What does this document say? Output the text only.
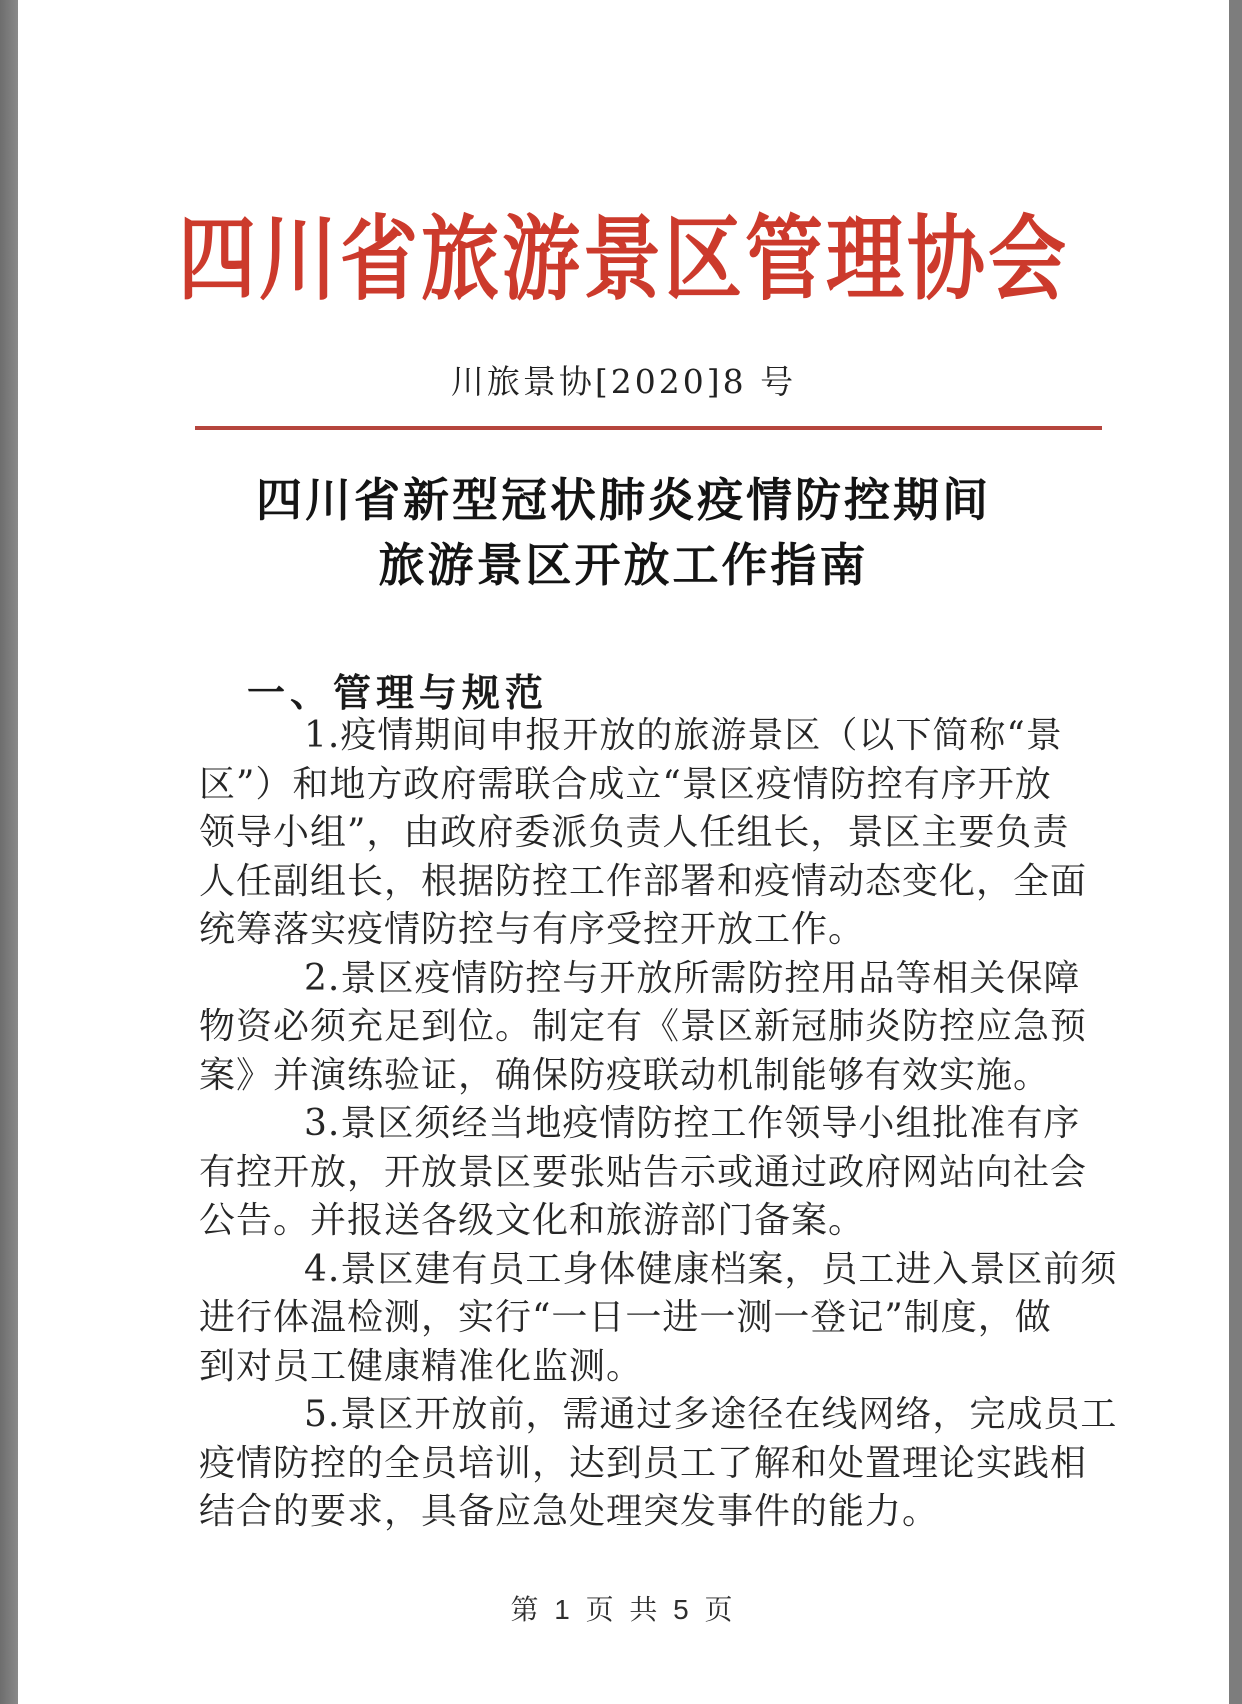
四川省旅游景区管理协会
川旅景协[2020]8 号
四川省新型冠状肺炎疫情防控期间
旅游景区开放工作指南
一、管理与规范
1.疫情期间申报开放的旅游景区（以下简称“景
区”）和地方政府需联合成立“景区疫情防控有序开放
领导小组”，由政府委派负责人任组长，景区主要负责
人任副组长，根据防控工作部署和疫情动态变化，全面
统筹落实疫情防控与有序受控开放工作。
2.景区疫情防控与开放所需防控用品等相关保障
物资必须充足到位。制定有《景区新冠肺炎防控应急预
案》并演练验证，确保防疫联动机制能够有效实施。
3.景区须经当地疫情防控工作领导小组批准有序
有控开放，开放景区要张贴告示或通过政府网站向社会
公告。并报送各级文化和旅游部门备案。
4.景区建有员工身体健康档案，员工进入景区前须
进行体温检测，实行“一日一进一测一登记”制度，做
到对员工健康精准化监测。
5.景区开放前，需通过多途径在线网络，完成员工
疫情防控的全员培训，达到员工了解和处置理论实践相
结合的要求，具备应急处理突发事件的能力。
第 1 页 共 5 页
